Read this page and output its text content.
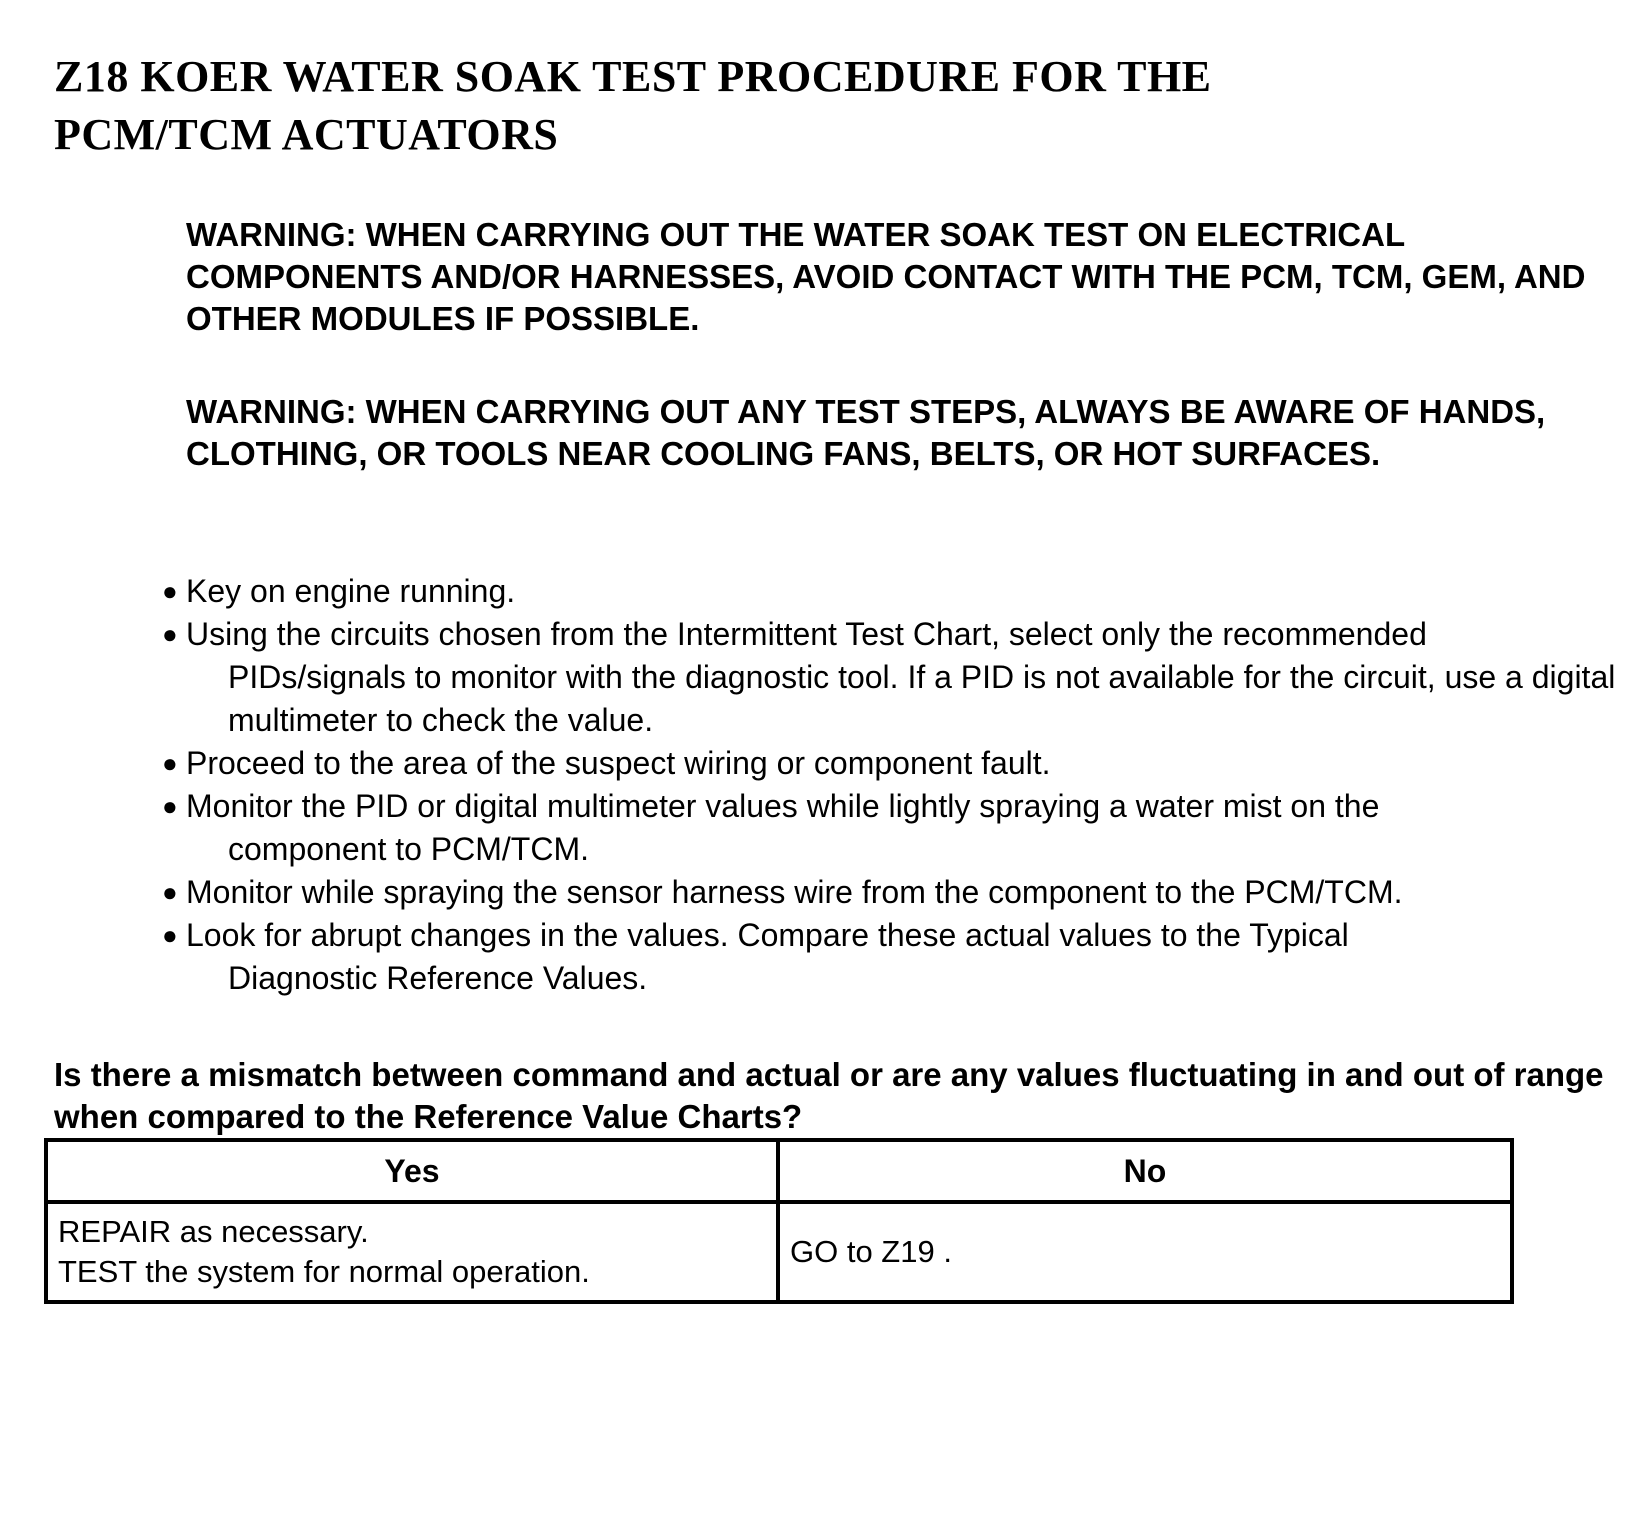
Z18 KOER WATER SOAK TEST PROCEDURE FOR THE
PCM/TCM ACTUATORS

WARNING: WHEN CARRYING OUT THE WATER SOAK TEST ON ELECTRICAL COMPONENTS AND/OR HARNESSES, AVOID CONTACT WITH THE PCM, TCM, GEM, AND OTHER MODULES IF POSSIBLE.

WARNING: WHEN CARRYING OUT ANY TEST STEPS, ALWAYS BE AWARE OF HANDS, CLOTHING, OR TOOLS NEAR COOLING FANS, BELTS, OR HOT SURFACES.

● Key on engine running.
● Using the circuits chosen from the Intermittent Test Chart, select only the recommended
PIDs/signals to monitor with the diagnostic tool. If a PID is not available for the circuit, use a digital multimeter to check the value.
● Proceed to the area of the suspect wiring or component fault.
● Monitor the PID or digital multimeter values while lightly spraying a water mist on the
component to PCM/TCM.
● Monitor while spraying the sensor harness wire from the component to the PCM/TCM.
● Look for abrupt changes in the values. Compare these actual values to the Typical
Diagnostic Reference Values.

Is there a mismatch between command and actual or are any values fluctuating in and out of range when compared to the Reference Value Charts?

Yes	No

REPAIR as necessary.
TEST the system for normal operation.	GO to Z19 .
